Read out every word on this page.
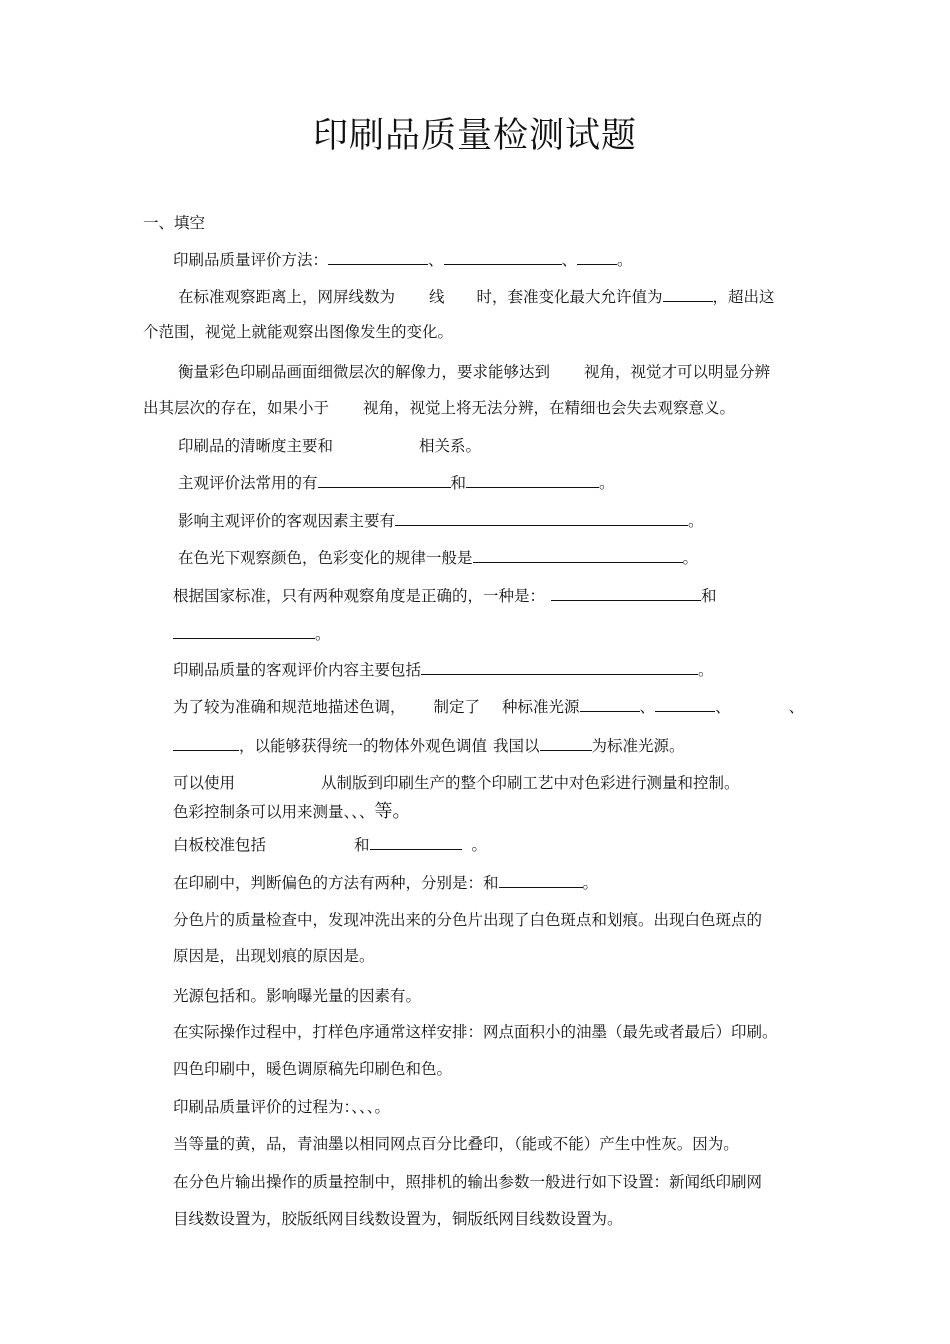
印刷品质量检测试题
一、填空
印刷品质量评价方法：	、	、	。
在标准观察距离上，网屏线数为 线 时，套准变化最大允许值为	，超出这
个范围，视觉上就能观察出图像发生的变化。
衡量彩色印刷品画面细微层次的解像力，要求能够达到 视角，视觉才可以明显分辨
出其层次的存在，如果小于 视角，视觉上将无法分辨，在精细也会失去观察意义。
印刷品的清晰度主要和	相关系。
主观评价法常用的有	和	。
影响主观评价的客观因素主要有	。
在色光下观察颜色，色彩变化的规律一般是	。
根据国家标准，只有两种观察角度是正确的，一种是：	和
。
印刷品质量的客观评价内容主要包括	。
为了较为准确和规范地描述色调， 制定了 种标准光源	、	、	、
，以能够获得统一的物体外观色调值 我国以	为标准光源。
可以使用	从制版到印刷生产的整个印刷工艺中对色彩进行测量和控制。
色彩控制条可以用来测量、、、等。
白板校准包括	和	。
在印刷中，判断偏色的方法有两种，分别是：和	。
分色片的质量检查中，发现冲洗出来的分色片出现了白色斑点和划痕。出现白色斑点的
原因是，出现划痕的原因是。
光源包括和。影响曝光量的因素有。
在实际操作过程中，打样色序通常这样安排：网点面积小的油墨（最先或者最后）印刷。
四色印刷中，暖色调原稿先印刷色和色。
印刷品质量评价的过程为：、、、。
当等量的黄，品，青油墨以相同网点百分比叠印，（能或不能）产生中性灰。因为。
在分色片输出操作的质量控制中，照排机的输出参数一般进行如下设置：新闻纸印刷网
目线数设置为，胶版纸网目线数设置为，铜版纸网目线数设置为。
